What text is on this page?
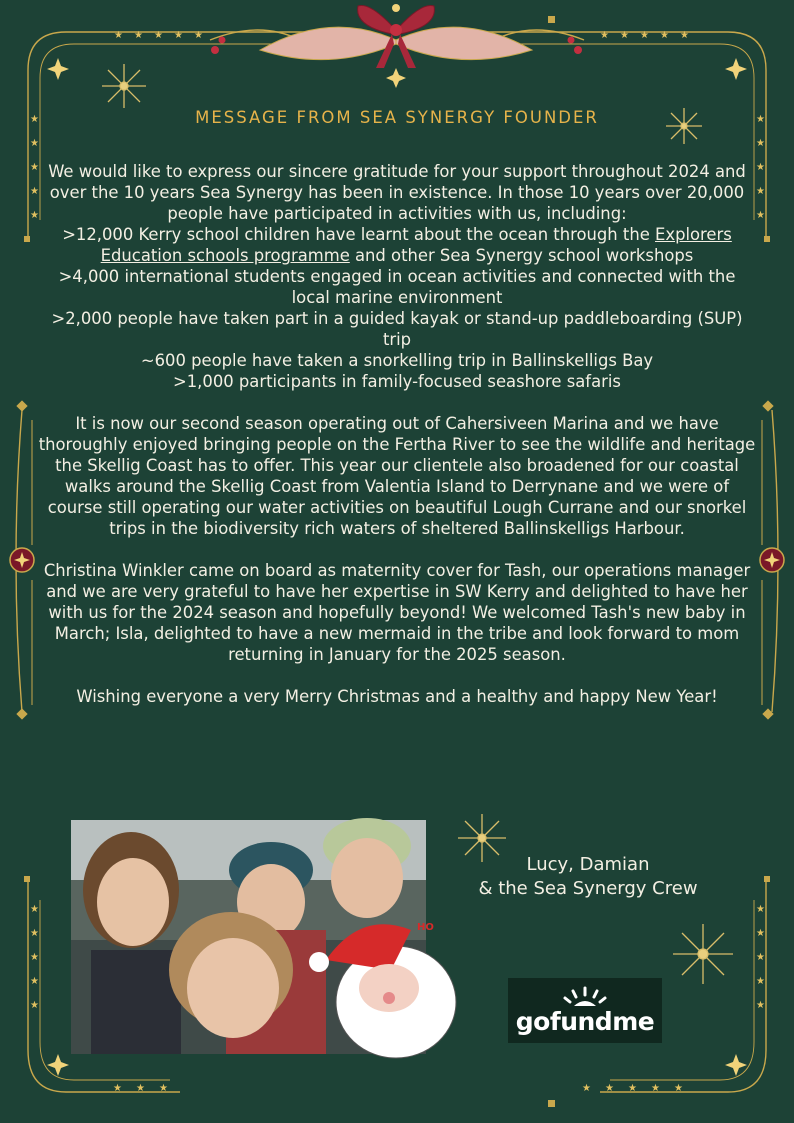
★ ★ ★ ★ ★	★ ★ ★ ★ ★
★ ★ ★	★ ★ ★ ★ ★
★
★
★
★
★
★
★
★
★
★
★
★
★
★
★
★
★
★
★
★
MESSAGE FROM SEA SYNERGY FOUNDER

We would like to express our sincere gratitude for your support throughout 2024 and over the 10 years Sea Synergy has been in existence. In those 10 years over 20,000 people have participated in activities with us, including:

>12,000 Kerry school children have learnt about the ocean through the Explorers Education schools programme and other Sea Synergy school workshops

>4,000 international students engaged in ocean activities and connected with the local marine environment

>2,000 people have taken part in a guided kayak or stand-up paddleboarding (SUP) trip

~600 people have taken a snorkelling trip in Ballinskelligs Bay

>1,000 participants in family-focused seashore safaris

It is now our second season operating out of Cahersiveen Marina and we have thoroughly enjoyed bringing people on the Fertha River to see the wildlife and heritage the Skellig Coast has to offer. This year our clientele also broadened for our coastal walks around the Skellig Coast from Valentia Island to Derrynane and we were of course still operating our water activities on beautiful Lough Currane and our snorkel trips in the biodiversity rich waters of sheltered Ballinskelligs Harbour.

Christina Winkler came on board as maternity cover for Tash, our operations manager and we are very grateful to have her expertise in SW Kerry and delighted to have her with us for the 2024 season and hopefully beyond! We welcomed Tash's new baby in March; Isla, delighted to have a new mermaid in the tribe and look forward to mom returning in January for the 2025 season.

Wishing everyone a very Merry Christmas and a healthy and happy New Year!

HO
Lucy, Damian
& the Sea Synergy Crew
gofundme
